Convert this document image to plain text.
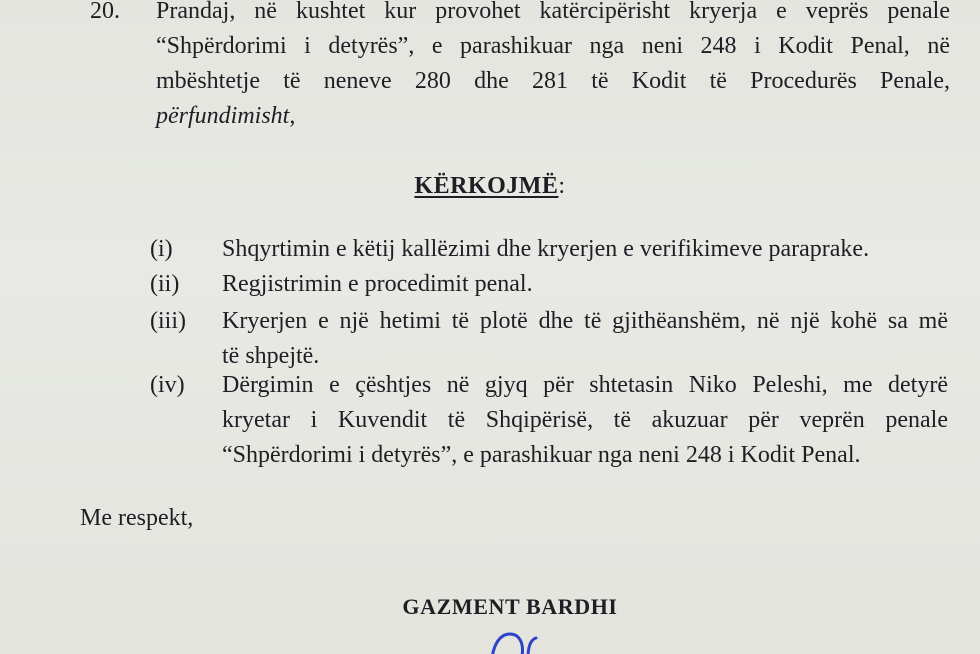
20. Prandaj, në kushtet kur provohet katërcipërisht kryerja e veprës penale
“Shpërdorimi i detyrës”, e parashikuar nga neni 248 i Kodit Penal, në
mbështetje të neneve 280 dhe 281 të Kodit të Procedurës Penale,
përfundimisht,
KËRKOJMË:
(i) Shqyrtimin e këtij kallëzimi dhe kryerjen e verifikimeve paraprake.
(ii) Regjistrimin e procedimit penal.
(iii) Kryerjen e një hetimi të plotë dhe të gjithëanshëm, në një kohë sa më
të shpejtë.
(iv) Dërgimin e çështjes në gjyq për shtetasin Niko Peleshi, me detyrë
kryetar i Kuvendit të Shqipërisë, të akuzuar për veprën penale
“Shpërdorimi i detyrës”, e parashikuar nga neni 248 i Kodit Penal.
Me respekt,
GAZMENT BARDHI
